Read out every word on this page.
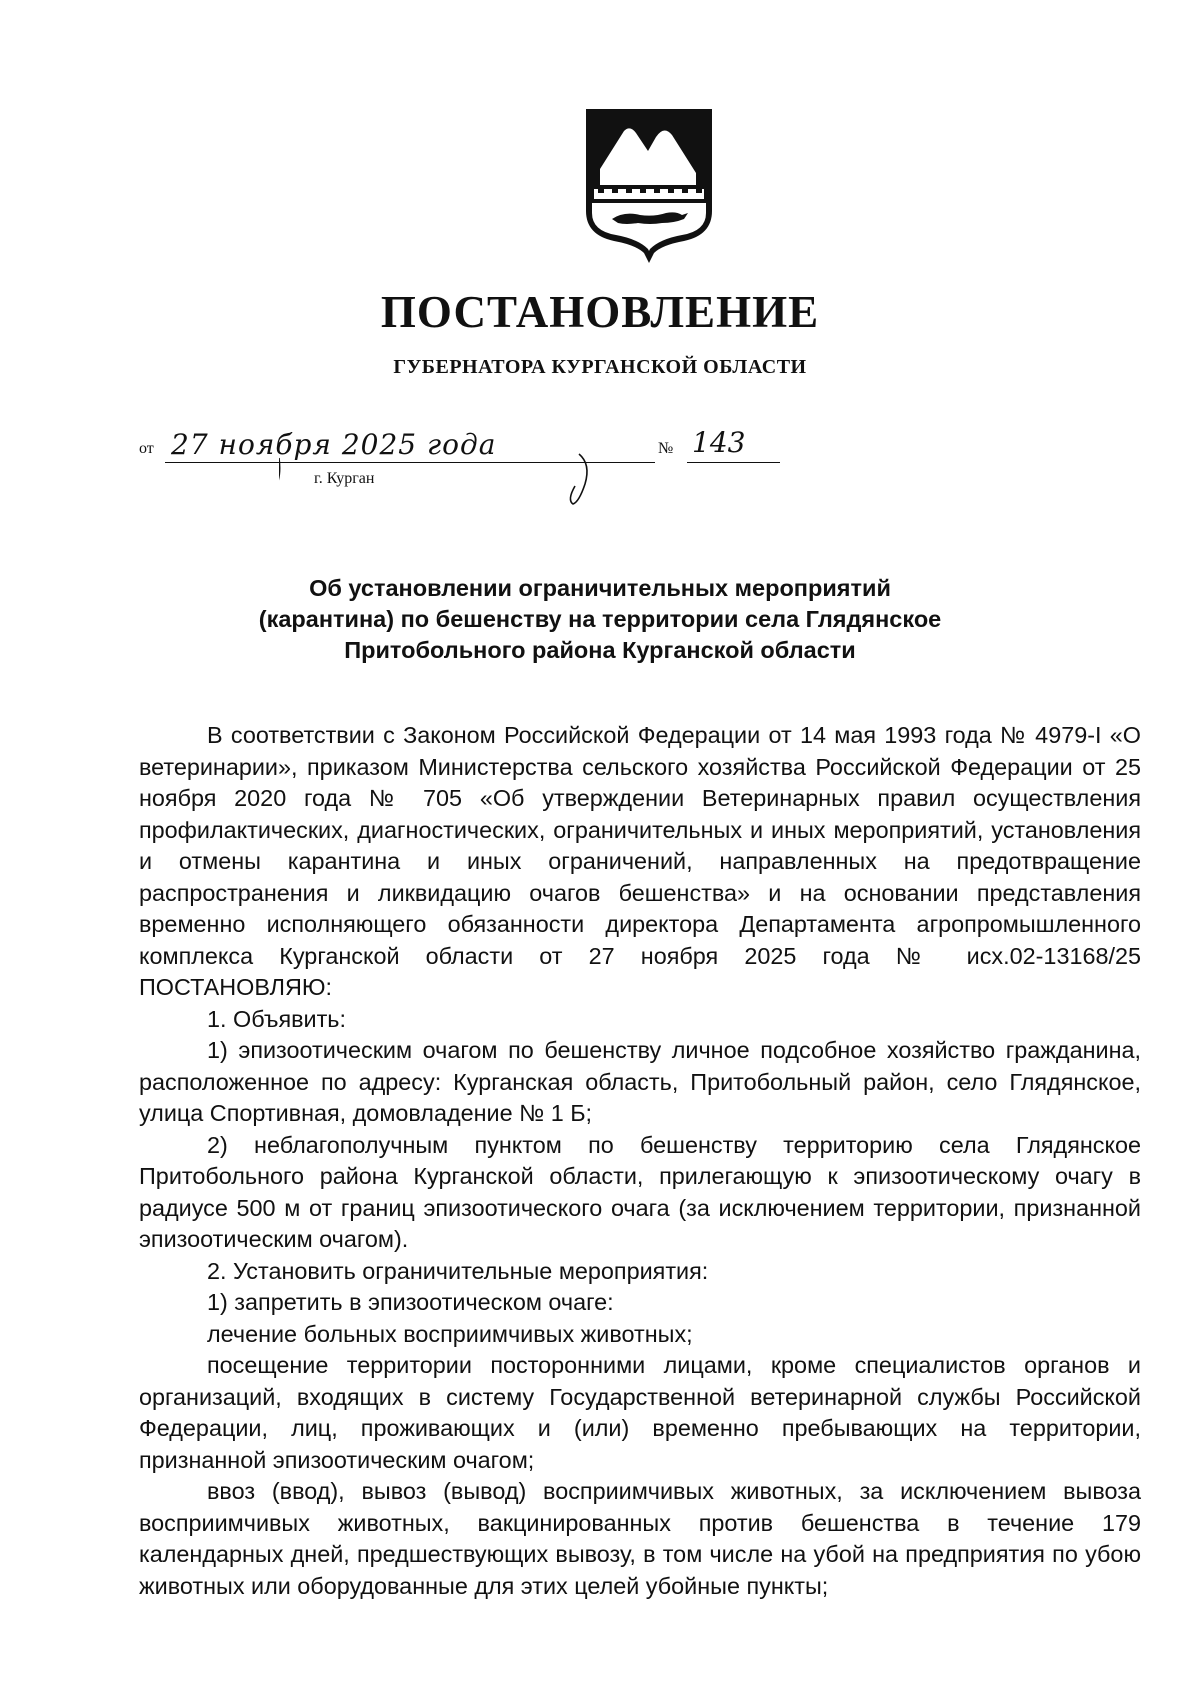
ПОСТАНОВЛЕНИЕ
ГУБЕРНАТОРА КУРГАНСКОЙ ОБЛАСТИ
от 27 ноября 2025 года	№ 143
г. Курган
Об установлении ограничительных мероприятий
(карантина) по бешенству на территории села Глядянское
Притобольного района Курганской области

В соответствии с Законом Российской Федерации от 14 мая 1993 года № 4979-I «О ветеринарии», приказом Министерства сельского хозяйства Российской Федерации от 25 ноября 2020 года № 705 «Об утверждении Ветеринарных правил осуществления профилактических, диагностических, ограничительных и иных мероприятий, установления и отмены карантина и иных ограничений, направленных на предотвращение распространения и ликвидацию очагов бешенства» и на основании представления временно исполняющего обязанности директора Департамента агропромышленного комплекса Курганской области от 27 ноября 2025 года № исх.02-13168/25 ПОСТАНОВЛЯЮ:

1. Объявить:

1) эпизоотическим очагом по бешенству личное подсобное хозяйство гражданина, расположенное по адресу: Курганская область, Притобольный район, село Глядянское, улица Спортивная, домовладение № 1 Б;

2) неблагополучным пунктом по бешенству территорию села Глядянское Притобольного района Курганской области, прилегающую к эпизоотическому очагу в радиусе 500 м от границ эпизоотического очага (за исключением территории, признанной эпизоотическим очагом).

2. Установить ограничительные мероприятия:

1) запретить в эпизоотическом очаге:

лечение больных восприимчивых животных;

посещение территории посторонними лицами, кроме специалистов органов и организаций, входящих в систему Государственной ветеринарной службы Российской Федерации, лиц, проживающих и (или) временно пребывающих на территории, признанной эпизоотическим очагом;

ввоз (ввод), вывоз (вывод) восприимчивых животных, за исключением вывоза восприимчивых животных, вакцинированных против бешенства в течение 179 календарных дней, предшествующих вывозу, в том числе на убой на предприятия по убою животных или оборудованные для этих целей убойные пункты;
